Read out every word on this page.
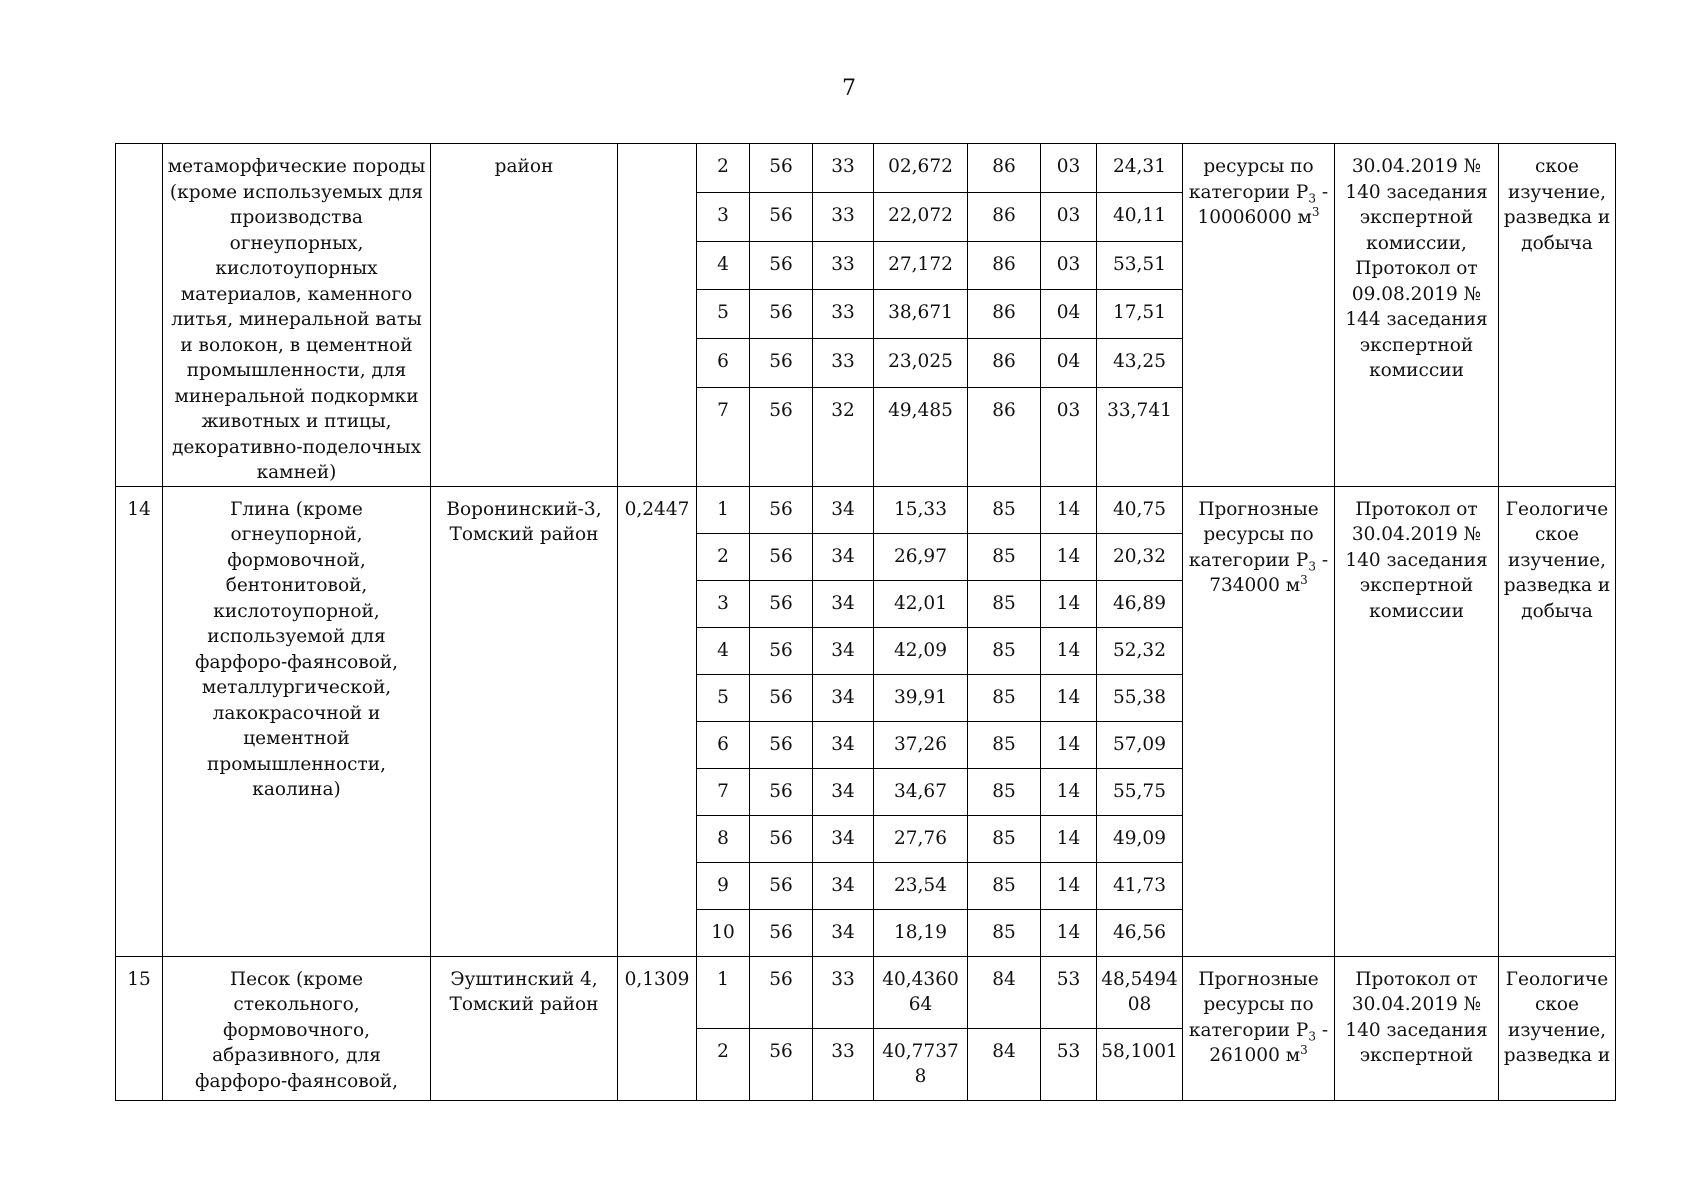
7
	метаморфические породы (кроме используемых для производства огнеупорных, кислотоупорных материалов, каменного литья, минеральной ваты и волокон, в цементной промышленности, для минеральной подкормки животных и птицы, декоративно-поделочных камней)	район		2	56	33	02,672	86	03	24,31	ресурсы по категории $Р_3 - 10006000$ $м^3$	30.04.2019 № 140 заседания экспертной комиссии, Протокол от 09.08.2019 № 144 заседания экспертной комиссии	ское изучение, разведка и добыча
				3	56	33	22,072	86	03	40,11			
				4	56	33	27,172	86	03	53,51			
				5	56	33	38,671	86	04	17,51			
				6	56	33	23,025	86	04	43,25			
				7	56	32	49,485	86	03	33,741			
14	Глина (кроме огнеупорной, формовочной, бентонитовой, кислотоупорной, используемой для фарфоро-фаянсовой, металлургической, лакокрасочной и цементной промышленности, каолина)	Воронинский-3, Томский район	0,2447	1	56	34	15,33	85	14	40,75	Прогнозные ресурсы по категории $Р_3 - 734000$ $м^3$	Протокол от 30.04.2019 № 140 заседания экспертной комиссии	Геологиче ское изучение, разведка и добыча
				2	56	34	26,97	85	14	20,32			
				3	56	34	42,01	85	14	46,89			
				4	56	34	42,09	85	14	52,32			
				5	56	34	39,91	85	14	55,38			
				6	56	34	37,26	85	14	57,09			
				7	56	34	34,67	85	14	55,75			
				8	56	34	27,76	85	14	49,09			
				9	56	34	23,54	85	14	41,73			
				10	56	34	18,19	85	14	46,56			
15	Песок (кроме стекольного, формовочного, абразивного, для фарфоро-фаянсовой,	Эуштинский 4, Томский район	0,1309	1	56	33	40,4360 64	84	53	48,5494 08	Прогнозные ресурсы по категории $Р_3 - 261000$ $м^3$	Протокол от 30.04.2019 № 140 заседания экспертной	Геологиче ское изучение, разведка и
				2	56	33	40,7737 8	84	53	58,1001			
